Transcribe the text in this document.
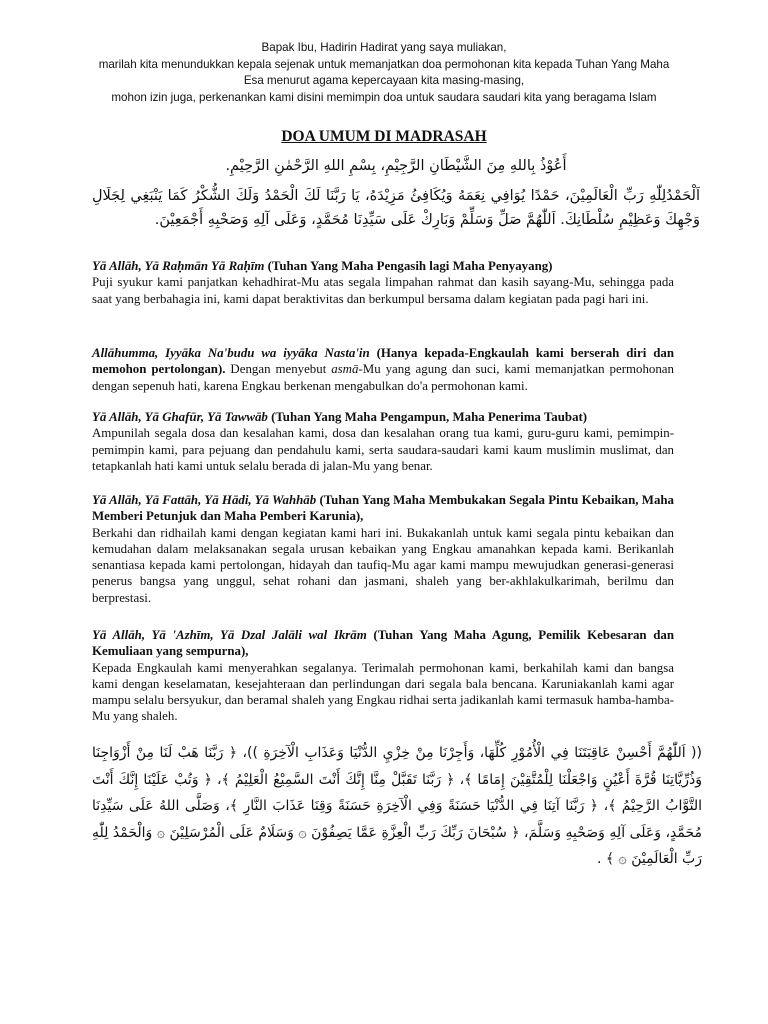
Bapak Ibu, Hadirin Hadirat yang saya muliakan,
marilah kita menundukkan kepala sejenak untuk memanjatkan doa permohonan kita kepada Tuhan Yang Maha
Esa menurut agama kepercayaan kita masing-masing,
mohon izin juga, perkenankan kami disini memimpin doa untuk saudara saudari kita yang beragama Islam
DOA UMUM DI MADRASAH
أَعُوْذُ بِاللهِ مِنَ الشَّيْطَانِ الرَّجِيْمِ، بِسْمِ اللهِ الرَّحْمٰنِ الرَّحِيْمِ.
اَلْحَمْدُلِلّٰهِ رَبِّ الْعَالَمِيْنَ، حَمْدًا يُوَافِي نِعَمَهُ وَيُكَافِئُ مَزِيْدَهُ، يَا رَبَّنَا لَكَ الْحَمْدُ وَلَكَ الشُّكْرُ كَمَا يَنْبَغِي لِجَلَالِ وَجْهِكَ وَعَظِيْمِ سُلْطَانِكَ. اَللّٰهُمَّ صَلِّ وَسَلِّمْ وَبَارِكْ عَلَى سَيِّدِنَا مُحَمَّدٍ، وَعَلَى آلِهِ وَصَحْبِهِ أَجْمَعِيْنَ.
Yā Allāh, Yā Raḥmān Yā Raḥīm (Tuhan Yang Maha Pengasih lagi Maha Penyayang)
Puji syukur kami panjatkan kehadhirat-Mu atas segala limpahan rahmat dan kasih sayang-Mu, sehingga pada saat yang berbahagia ini, kami dapat beraktivitas dan berkumpul bersama dalam kegiatan pada pagi hari ini.
Allāhumma, Iyyāka Na'budu wa iyyāka Nasta'in (Hanya kepada-Engkaulah kami berserah diri dan memohon pertolongan). Dengan menyebut asmā-Mu yang agung dan suci, kami memanjatkan permohonan dengan sepenuh hati, karena Engkau berkenan mengabulkan do'a permohonan kami.
Yā Allāh, Yā Ghafūr, Yā Tawwāb (Tuhan Yang Maha Pengampun, Maha Penerima Taubat)
Ampunilah segala dosa dan kesalahan kami, dosa dan kesalahan orang tua kami, guru-guru kami, pemimpin-pemimpin kami, para pejuang dan pendahulu kami, serta saudara-saudari kami kaum muslimin muslimat, dan tetapkanlah hati kami untuk selalu berada di jalan-Mu yang benar.
Yā Allāh, Yā Fattāh, Yā Hādi, Yā Wahhāb (Tuhan Yang Maha Membukakan Segala Pintu Kebaikan, Maha Memberi Petunjuk dan Maha Pemberi Karunia),
Berkahi dan ridhailah kami dengan kegiatan kami hari ini. Bukakanlah untuk kami segala pintu kebaikan dan kemudahan dalam melaksanakan segala urusan kebaikan yang Engkau amanahkan kepada kami. Berikanlah senantiasa kepada kami pertolongan, hidayah dan taufiq-Mu agar kami mampu mewujudkan generasi-generasi penerus bangsa yang unggul, sehat rohani dan jasmani, shaleh yang ber-akhlakulkarimah, berilmu dan berprestasi.
Yā Allāh, Yā 'Azhīm, Yā Dzal Jalāli wal Ikrām (Tuhan Yang Maha Agung, Pemilik Kebesaran dan Kemuliaan yang sempurna),
Kepada Engkaulah kami menyerahkan segalanya. Terimalah permohonan kami, berkahilah kami dan bangsa kami dengan keselamatan, kesejahteraan dan perlindungan dari segala bala bencana. Karuniakanlah kami agar mampu selalu bersyukur, dan beramal shaleh yang Engkau ridhai serta jadikanlah kami termasuk hamba-hamba-Mu yang shaleh.
(( اَللّٰهُمَّ أَحْسِنْ عَاقِبَتَنَا فِي الْأُمُوْرِ كُلِّهَا، وَأَجِرْنَا مِنْ خِزْيِ الدُّنْيَا وَعَذَابِ الْآخِرَةِ ))، ﴿ رَبَّنَا هَبْ لَنَا مِنْ أَزْوَاجِنَا وَذُرِّيَّاتِنَا قُرَّةَ أَعْيُنٍ وَاجْعَلْنَا لِلْمُتَّقِيْنَ إِمَامًا ﴾، ﴿ رَبَّنَا تَقَبَّلْ مِنَّا إِنَّكَ أَنْتَ السَّمِيْعُ الْعَلِيْمُ ﴾، ﴿ وَتُبْ عَلَيْنَا إِنَّكَ أَنْتَ التَّوَّابُ الرَّحِيْمُ ﴾، ﴿ رَبَّنَا آتِنَا فِي الدُّنْيَا حَسَنَةً وَفِي الْآخِرَةِ حَسَنَةً وَقِنَا عَذَابَ النَّارِ ﴾، وَصَلَّى اللهُ عَلَى سَيِّدِنَا مُحَمَّدٍ، وَعَلَى آلِهِ وَصَحْبِهِ وَسَلَّمَ، ﴿ سُبْحَانَ رَبِّكَ رَبِّ الْعِزَّةِ عَمَّا يَصِفُوْنَ ۞ وَسَلَامٌ عَلَى الْمُرْسَلِيْنَ ۞ وَالْحَمْدُ لِلّٰهِ رَبِّ الْعَالَمِيْنَ ۞ ﴾ .
